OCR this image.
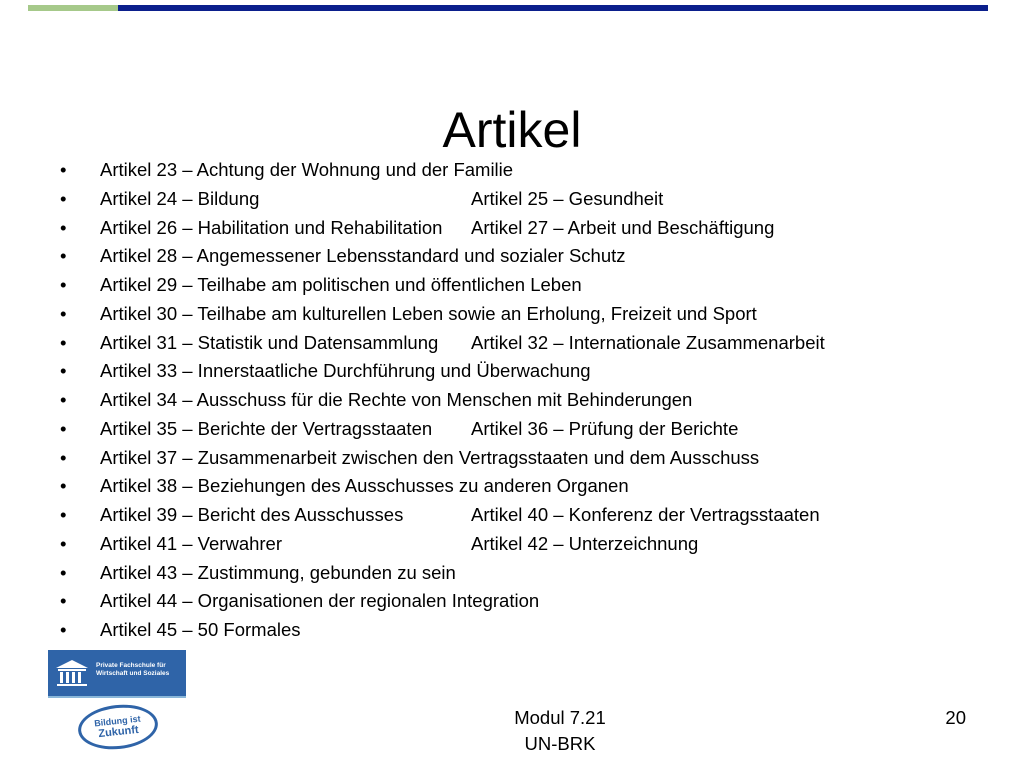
Artikel
• Artikel 23 – Achtung der Wohnung und der Familie
• Artikel 24 – Bildung	Artikel 25 – Gesundheit
• Artikel 26 – Habilitation und Rehabilitation Artikel 27 – Arbeit und Beschäftigung
• Artikel 28 – Angemessener Lebensstandard und sozialer Schutz
• Artikel 29 – Teilhabe am politischen und öffentlichen Leben
• Artikel 30 – Teilhabe am kulturellen Leben sowie an Erholung, Freizeit und Sport
• Artikel 31 – Statistik und Datensammlung Artikel 32 – Internationale Zusammenarbeit
• Artikel 33 – Innerstaatliche Durchführung und Überwachung
• Artikel 34 – Ausschuss für die Rechte von Menschen mit Behinderungen
• Artikel 35 – Berichte der Vertragsstaaten Artikel 36 – Prüfung der Berichte
• Artikel 37 – Zusammenarbeit zwischen den Vertragsstaaten und dem Ausschuss
• Artikel 38 – Beziehungen des Ausschusses zu anderen Organen
• Artikel 39 – Bericht des Ausschusses	Artikel 40 – Konferenz der Vertragsstaaten
• Artikel 41 – Verwahrer	Artikel 42 – Unterzeichnung
• Artikel 43 – Zustimmung, gebunden zu sein
• Artikel 44 – Organisationen der regionalen Integration
• Artikel 45 – 50 Formales
Private Fachschule für Wirtschaft und Soziales
Bildung ist
Zukunft
Modul 7.21
UN-BRK
20
